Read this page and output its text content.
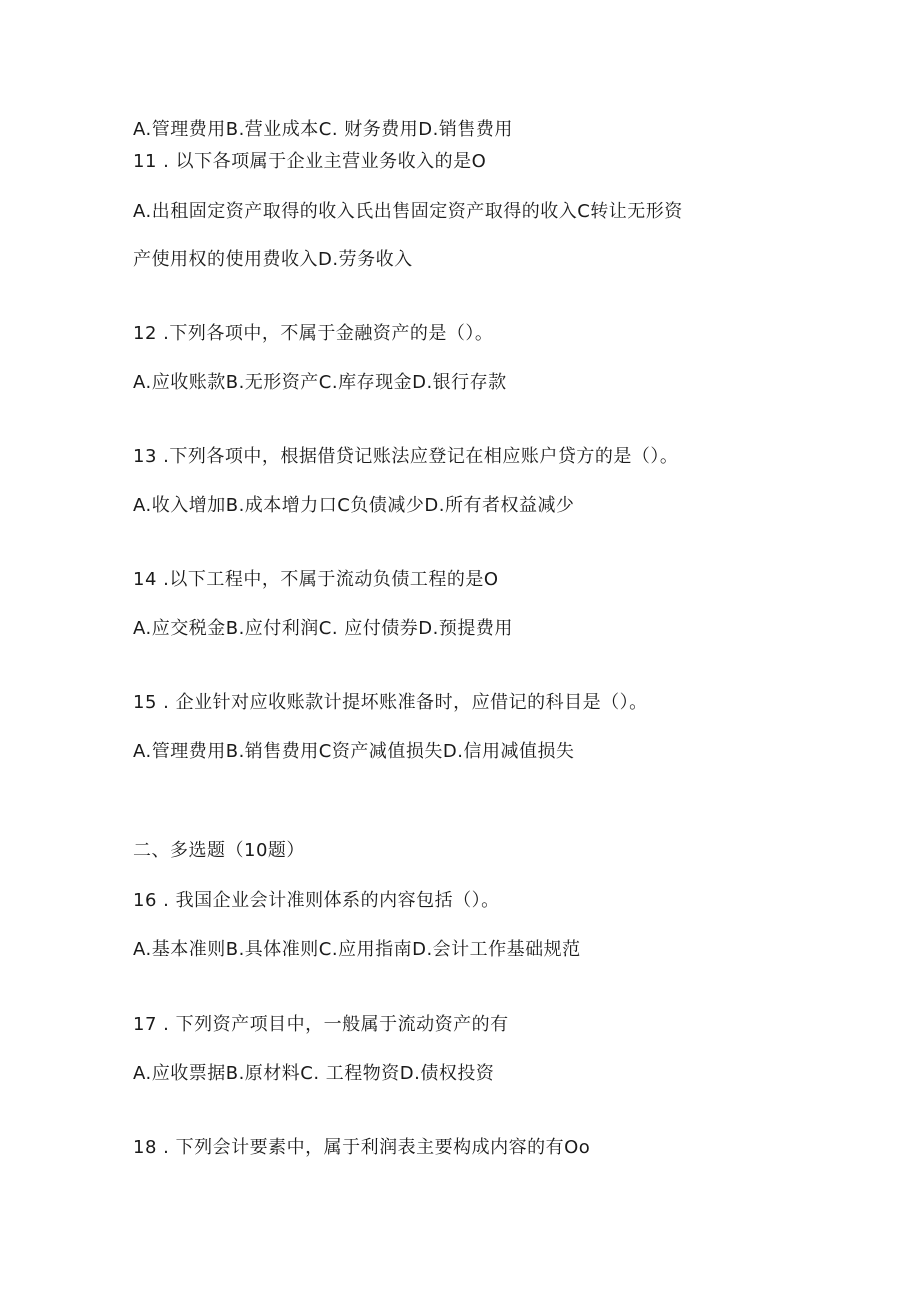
A.管理费用B.营业成本C. 财务费用D.销售费用
11 . 以下各项属于企业主营业务收入的是O
A.出租固定资产取得的收入氏出售固定资产取得的收入C转让无形资
产使用权的使用费收入D.劳务收入
12 .下列各项中，不属于金融资产的是（）。
A.应收账款B.无形资产C.库存现金D.银行存款
13 .下列各项中，根据借贷记账法应登记在相应账户贷方的是（）。
A.收入增加B.成本增力口C负债减少D.所有者权益减少
14 .以下工程中，不属于流动负债工程的是O
A.应交税金B.应付利润C. 应付债券D.预提费用
15 . 企业针对应收账款计提坏账准备时，应借记的科目是（）。
A.管理费用B.销售费用C资产减值损失D.信用减值损失
二、多选题（10题）
16 . 我国企业会计准则体系的内容包括（）。
A.基本准则B.具体准则C.应用指南D.会计工作基础规范
17 . 下列资产项目中，一般属于流动资产的有
A.应收票据B.原材料C. 工程物资D.债权投资
18 . 下列会计要素中，属于利润表主要构成内容的有Oo
